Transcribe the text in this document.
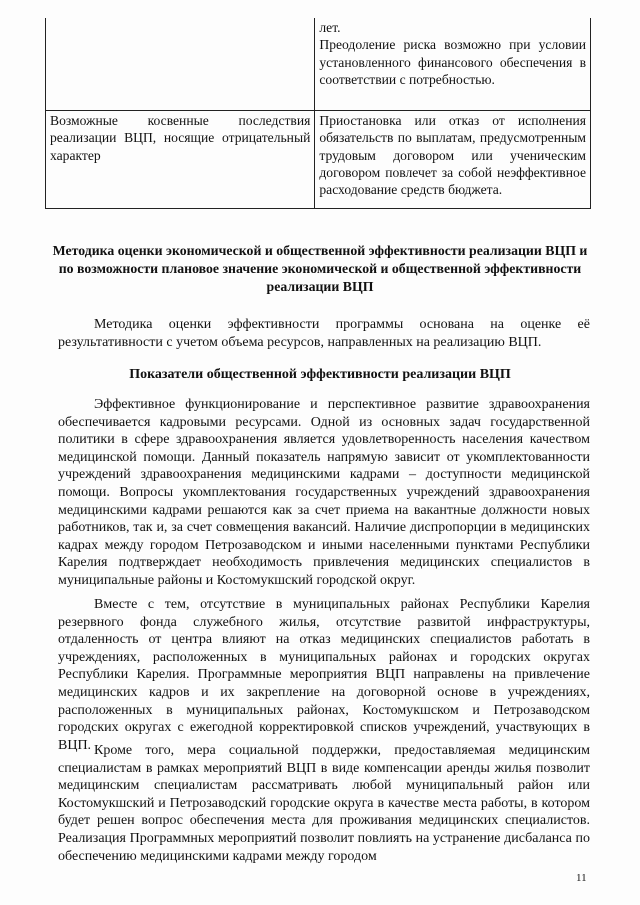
	лет.
Преодоление риска возможно при условии установленного финансового обеспечения в соответствии с потребностью.
Возможные косвенные последствия реализации ВЦП, носящие отрицательный характер	Приостановка или отказ от исполнения обязательств по выплатам, предусмотренным трудовым договором или ученическим договором повлечет за собой неэффективное расходование средств бюджета.
Методика оценки экономической и общественной эффективности реализации ВЦП и по возможности плановое значение экономической и общественной эффективности реализации ВЦП

Методика оценки эффективности программы основана на оценке её результативности с учетом объема ресурсов, направленных на реализацию ВЦП.

Показатели общественной эффективности реализации ВЦП

Эффективное функционирование и перспективное развитие здравоохранения обеспечивается кадровыми ресурсами. Одной из основных задач государственной политики в сфере здравоохранения является удовлетворенность населения качеством медицинской помощи. Данный показатель напрямую зависит от укомплектованности учреждений здравоохранения медицинскими кадрами – доступности медицинской помощи. Вопросы укомплектования государственных учреждений здравоохранения медицинскими кадрами решаются как за счет приема на вакантные должности новых работников, так и, за счет совмещения вакансий. Наличие диспропорции в медицинских кадрах между городом Петрозаводском и иными населенными пунктами Республики Карелия подтверждает необходимость привлечения медицинских специалистов в муниципальные районы и Костомукшский городской округ.

Вместе с тем, отсутствие в муниципальных районах Республики Карелия резервного фонда служебного жилья, отсутствие развитой инфраструктуры, отдаленность от центра влияют на отказ медицинских специалистов работать в учреждениях, расположенных в муниципальных районах и городских округах Республики Карелия. Программные мероприятия ВЦП направлены на привлечение медицинских кадров и их закрепление на договорной основе в учреждениях, расположенных в муниципальных районах, Костомукшском и Петрозаводском городских округах с ежегодной корректировкой списков учреждений, участвующих в ВЦП. Кроме того, мера социальной поддержки, предоставляемая медицинским специалистам в рамках мероприятий ВЦП в виде компенсации аренды жилья позволит медицинским специалистам рассматривать любой муниципальный район или Костомукшский и Петрозаводский городские округа в качестве места работы, в котором будет решен вопрос обеспечения места для проживания медицинских специалистов. Реализация Программных мероприятий позволит повлиять на устранение дисбаланса по обеспечению медицинскими кадрами между городом

11
